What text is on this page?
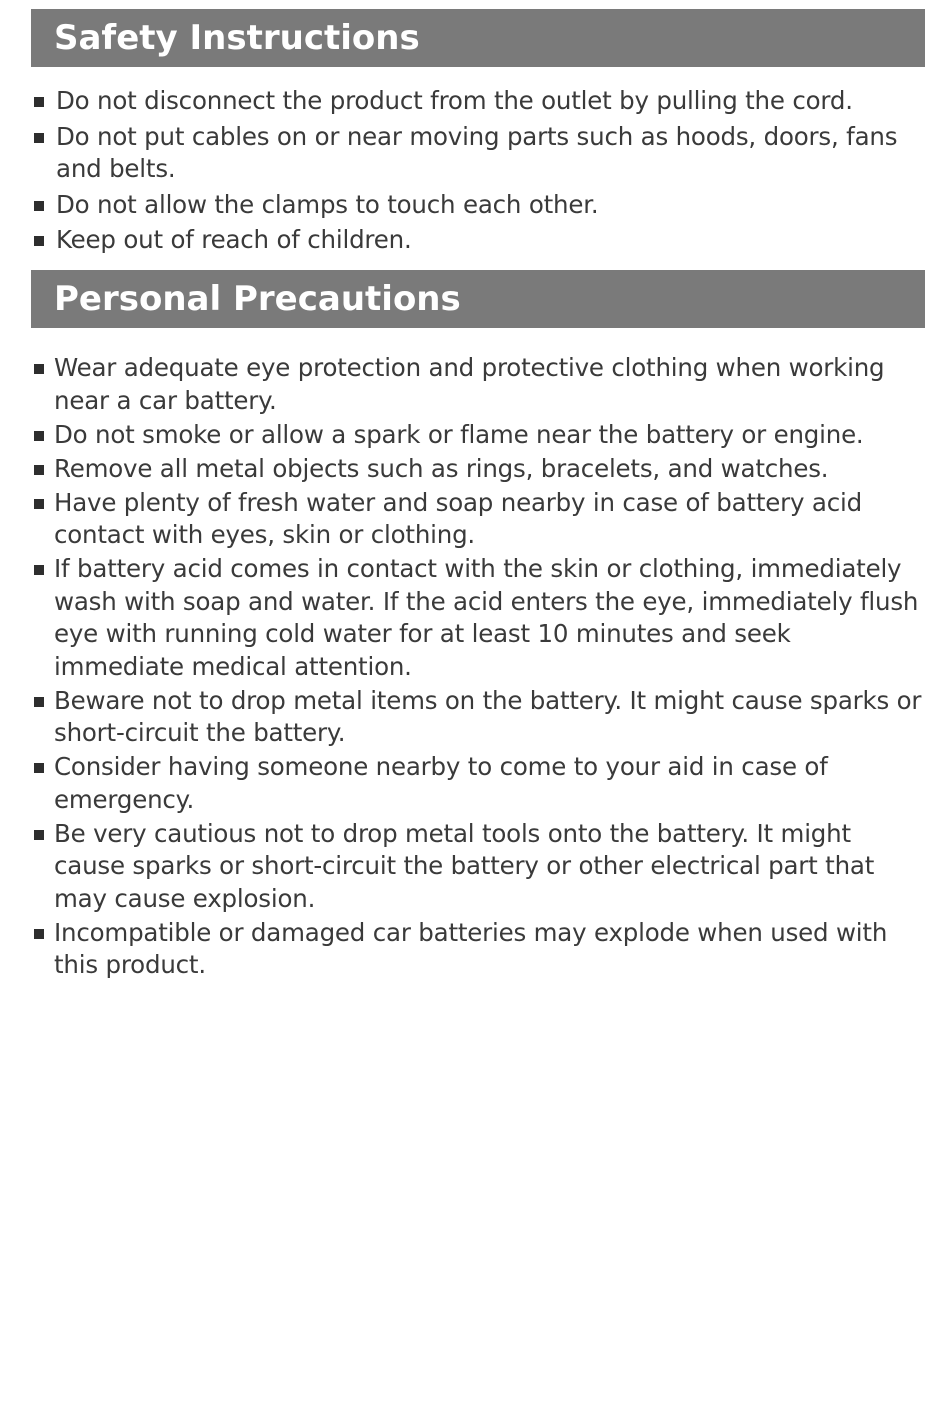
Safety Instructions
Do not disconnect the product from the outlet by pulling the cord.
Do not put cables on or near moving parts such as hoods, doors, fans and belts.
Do not allow the clamps to touch each other.
Keep out of reach of children.
Personal Precautions
Wear adequate eye protection and protective clothing when working near a car battery.
Do not smoke or allow a spark or flame near the battery or engine.
Remove all metal objects such as rings, bracelets, and watches.
Have plenty of fresh water and soap nearby in case of battery acid contact with eyes, skin or clothing.
If battery acid comes in contact with the skin or clothing, immediately wash with soap and water. If the acid enters the eye, immediately flush eye with running cold water for at least 10 minutes and seek immediate medical attention.
Beware not to drop metal items on the battery. It might cause sparks or short-circuit the battery.
Consider having someone nearby to come to your aid in case of emergency.
Be very cautious not to drop metal tools onto the battery. It might cause sparks or short-circuit the battery or other electrical part that may cause explosion.
Incompatible or damaged car batteries may explode when used with this product.
